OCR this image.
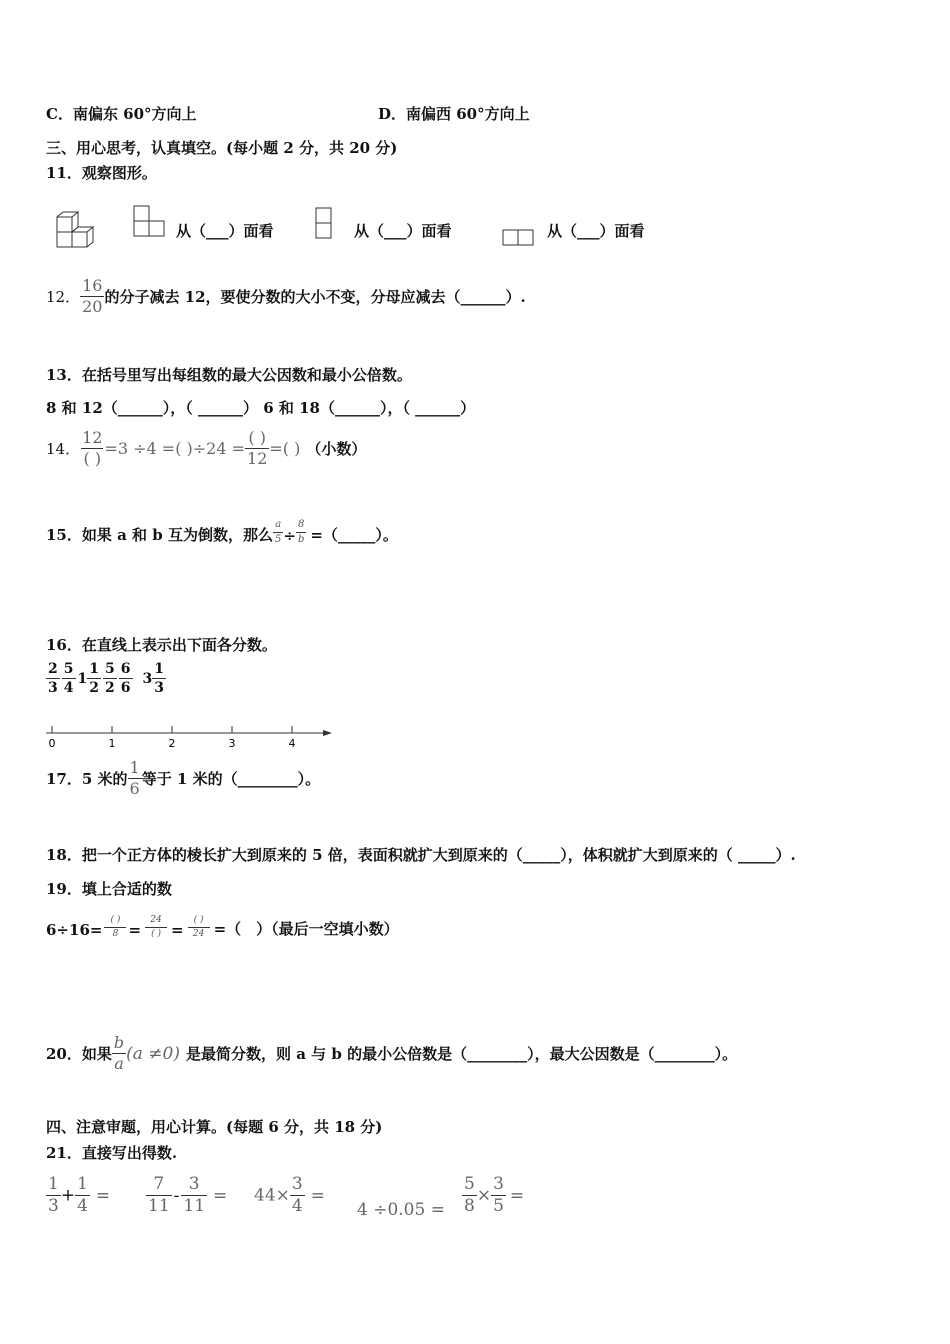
C．南偏东 60°方向上	D．南偏西 60°方向上
三、用心思考，认真填空。(每小题 2 分，共 20 分)
11．观察图形。
从（___）面看	从（___）面看	从（___）面看
12． $\frac{16}{20}$ 的分子减去 12，要使分数的大小不变，分母应减去（______）.
13．在括号里写出每组数的最大公因数和最小公倍数。
8 和 12（______），（ ______） 6 和 18（______），（ ______）
14． $\frac{12}{( )} =3 \div 4$ =( )$\div 24 = \frac{( )}{12}$ =( ) （小数）
15．如果 a 和 b 互为倒数，那么 $\frac{a}{5} \div \frac{8}{b}$ =（_____）。
16．在直线上表示出下面各分数。
$\frac{2}{3} \frac{5}{4} 1 \frac{1}{2} \frac{5}{2} \frac{6}{6} 3 \frac{1}{3}$
0	1	2	3	4
17．5 米的 $\frac{1}{6}$ 等于 1 米的（________）。
18．把一个正方体的棱长扩大到原来的 5 倍，表面积就扩大到原来的（_____），体积就扩大到原来的（ _____）.
19．填上合适的数
$6\div 16= \frac{( )}{8} = \frac{24}{( )} = \frac{( )}{24}$ =（　）（最后一空填小数）
20．如果 $\frac{b}{a} (a \ne 0)$ 是最简分数，则 a 与 b 的最小公倍数是（________），最大公因数是（________）。
四、注意审题，用心计算。(每题 6 分，共 18 分)
21．直接写出得数.
$\frac{1}{3} + \frac{1}{4} = \frac{7}{11} - \frac{3}{11} = 44\times \frac{3}{4}$ =
$4 \div 0.05 = \frac{5}{8} \times \frac{3}{5}$ =
